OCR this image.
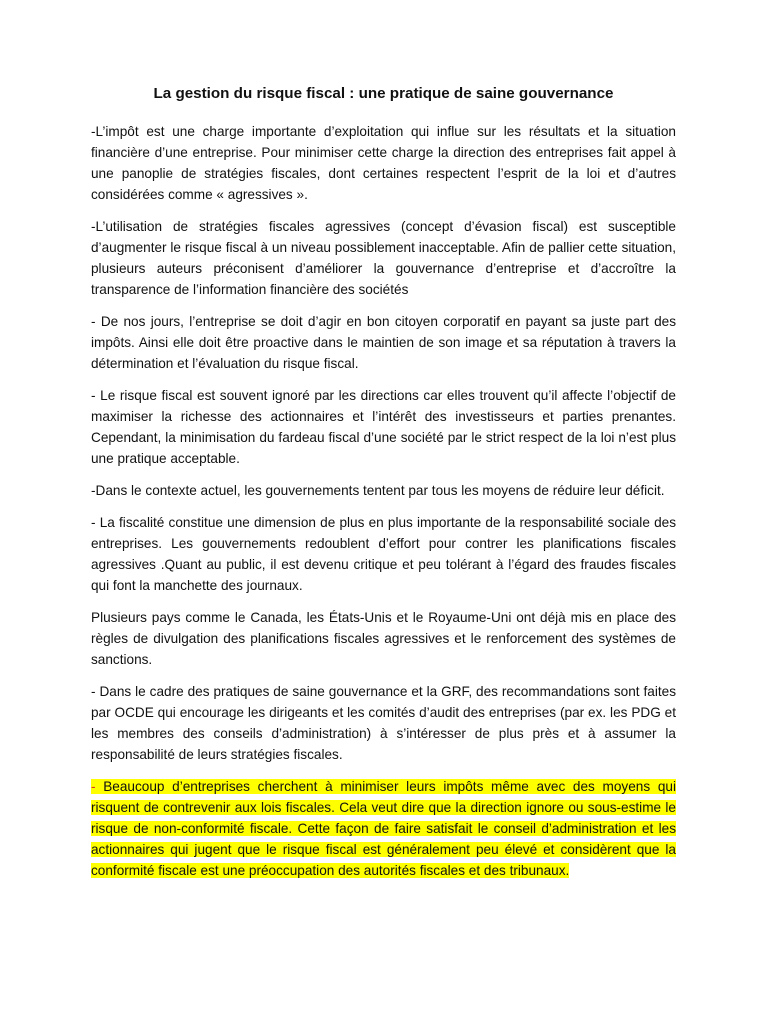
La gestion du risque fiscal : une pratique de saine gouvernance

-L’impôt est une charge importante d’exploitation qui influe sur les résultats et la situation financière d’une entreprise. Pour minimiser cette charge la direction des entreprises fait appel à une panoplie de stratégies fiscales, dont certaines respectent l’esprit de la loi et d’autres considérées comme « agressives ».

-L’utilisation de stratégies fiscales agressives (concept d’évasion fiscal) est susceptible d’augmenter le risque fiscal à un niveau possiblement inacceptable. Afin de pallier cette situation, plusieurs auteurs préconisent d’améliorer la gouvernance d’entreprise et d’accroître la transparence de l’information financière des sociétés

- De nos jours, l’entreprise se doit d’agir en bon citoyen corporatif en payant sa juste part des impôts. Ainsi elle doit être proactive dans le maintien de son image et sa réputation à travers la détermination et l’évaluation du risque fiscal.

- Le risque fiscal est souvent ignoré par les directions car elles trouvent qu’il affecte l’objectif de maximiser la richesse des actionnaires et l’intérêt des investisseurs et parties prenantes. Cependant, la minimisation du fardeau fiscal d’une société par le strict respect de la loi n’est plus une pratique acceptable.

-Dans le contexte actuel, les gouvernements tentent par tous les moyens de réduire leur déficit.

- La fiscalité constitue une dimension de plus en plus importante de la responsabilité sociale des entreprises. Les gouvernements redoublent d’effort pour contrer les planifications fiscales agressives .Quant au public, il est devenu critique et peu tolérant à l’égard des fraudes fiscales qui font la manchette des journaux.

Plusieurs pays comme le Canada, les États-Unis et le Royaume-Uni ont déjà mis en place des règles de divulgation des planifications fiscales agressives et le renforcement des systèmes de sanctions.

- Dans le cadre des pratiques de saine gouvernance et la GRF, des recommandations sont faites par OCDE qui encourage les dirigeants et les comités d’audit des entreprises (par ex. les PDG et les membres des conseils d’administration) à s’intéresser de plus près et à assumer la responsabilité de leurs stratégies fiscales.

- Beaucoup d’entreprises cherchent à minimiser leurs impôts même avec des moyens qui risquent de contrevenir aux lois fiscales. Cela veut dire que la direction ignore ou sous-estime le risque de non-conformité fiscale. Cette façon de faire satisfait le conseil d’administration et les actionnaires qui jugent que le risque fiscal est généralement peu élevé et considèrent que la conformité fiscale est une préoccupation des autorités fiscales et des tribunaux.
